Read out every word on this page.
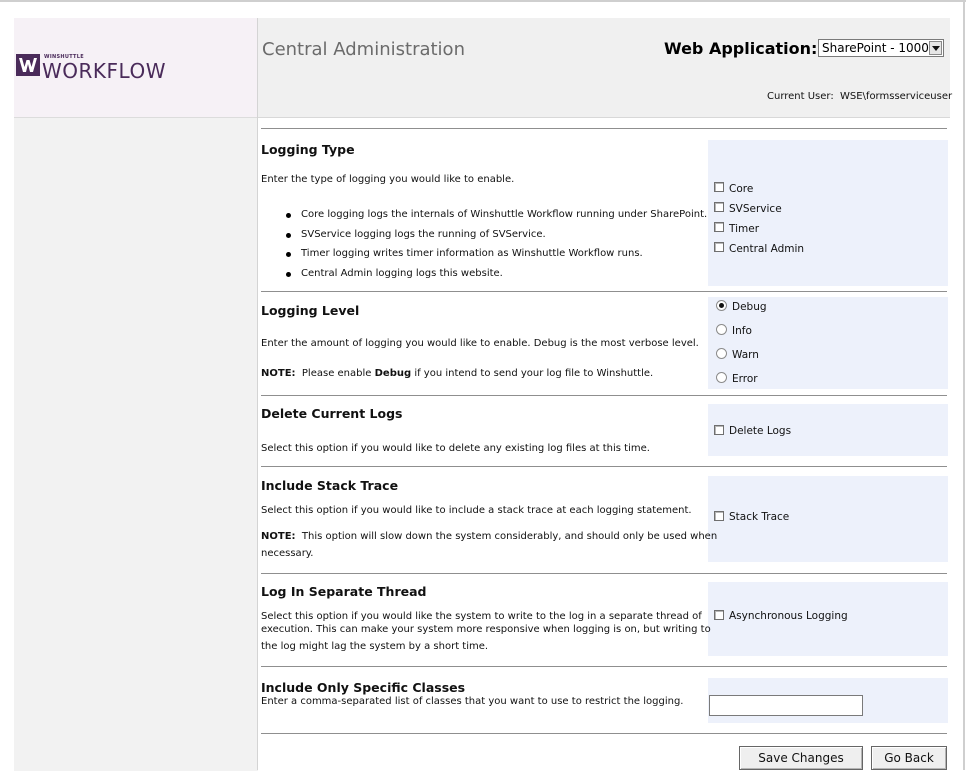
WINSHUTTLE
WORKFLOW
Central Administration	Web Application: SharePoint - 1000
Current User: WSE\formsserviceuser
Logging Type
Enter the type of logging you would like to enable.
Core logging logs the internals of Winshuttle Workflow running under SharePoint.
SVService logging logs the running of SVService.
Timer logging writes timer information as Winshuttle Workflow runs.
Central Admin logging logs this website.
Core
SVService
Timer
Central Admin
Logging Level
Enter the amount of logging you would like to enable. Debug is the most verbose level.
NOTE: Please enable Debug if you intend to send your log file to Winshuttle.
Debug
Info
Warn
Error
Delete Current Logs
Select this option if you would like to delete any existing log files at this time.
Delete Logs
Include Stack Trace
Select this option if you would like to include a stack trace at each logging statement.
NOTE: This option will slow down the system considerably, and should only be used when
necessary.
Stack Trace
Log In Separate Thread
Select this option if you would like the system to write to the log in a separate thread of
execution. This can make your system more responsive when logging is on, but writing to
the log might lag the system by a short time.
Asynchronous Logging
Include Only Specific Classes
Enter a comma-separated list of classes that you want to use to restrict the logging.
Save Changes	Go Back
